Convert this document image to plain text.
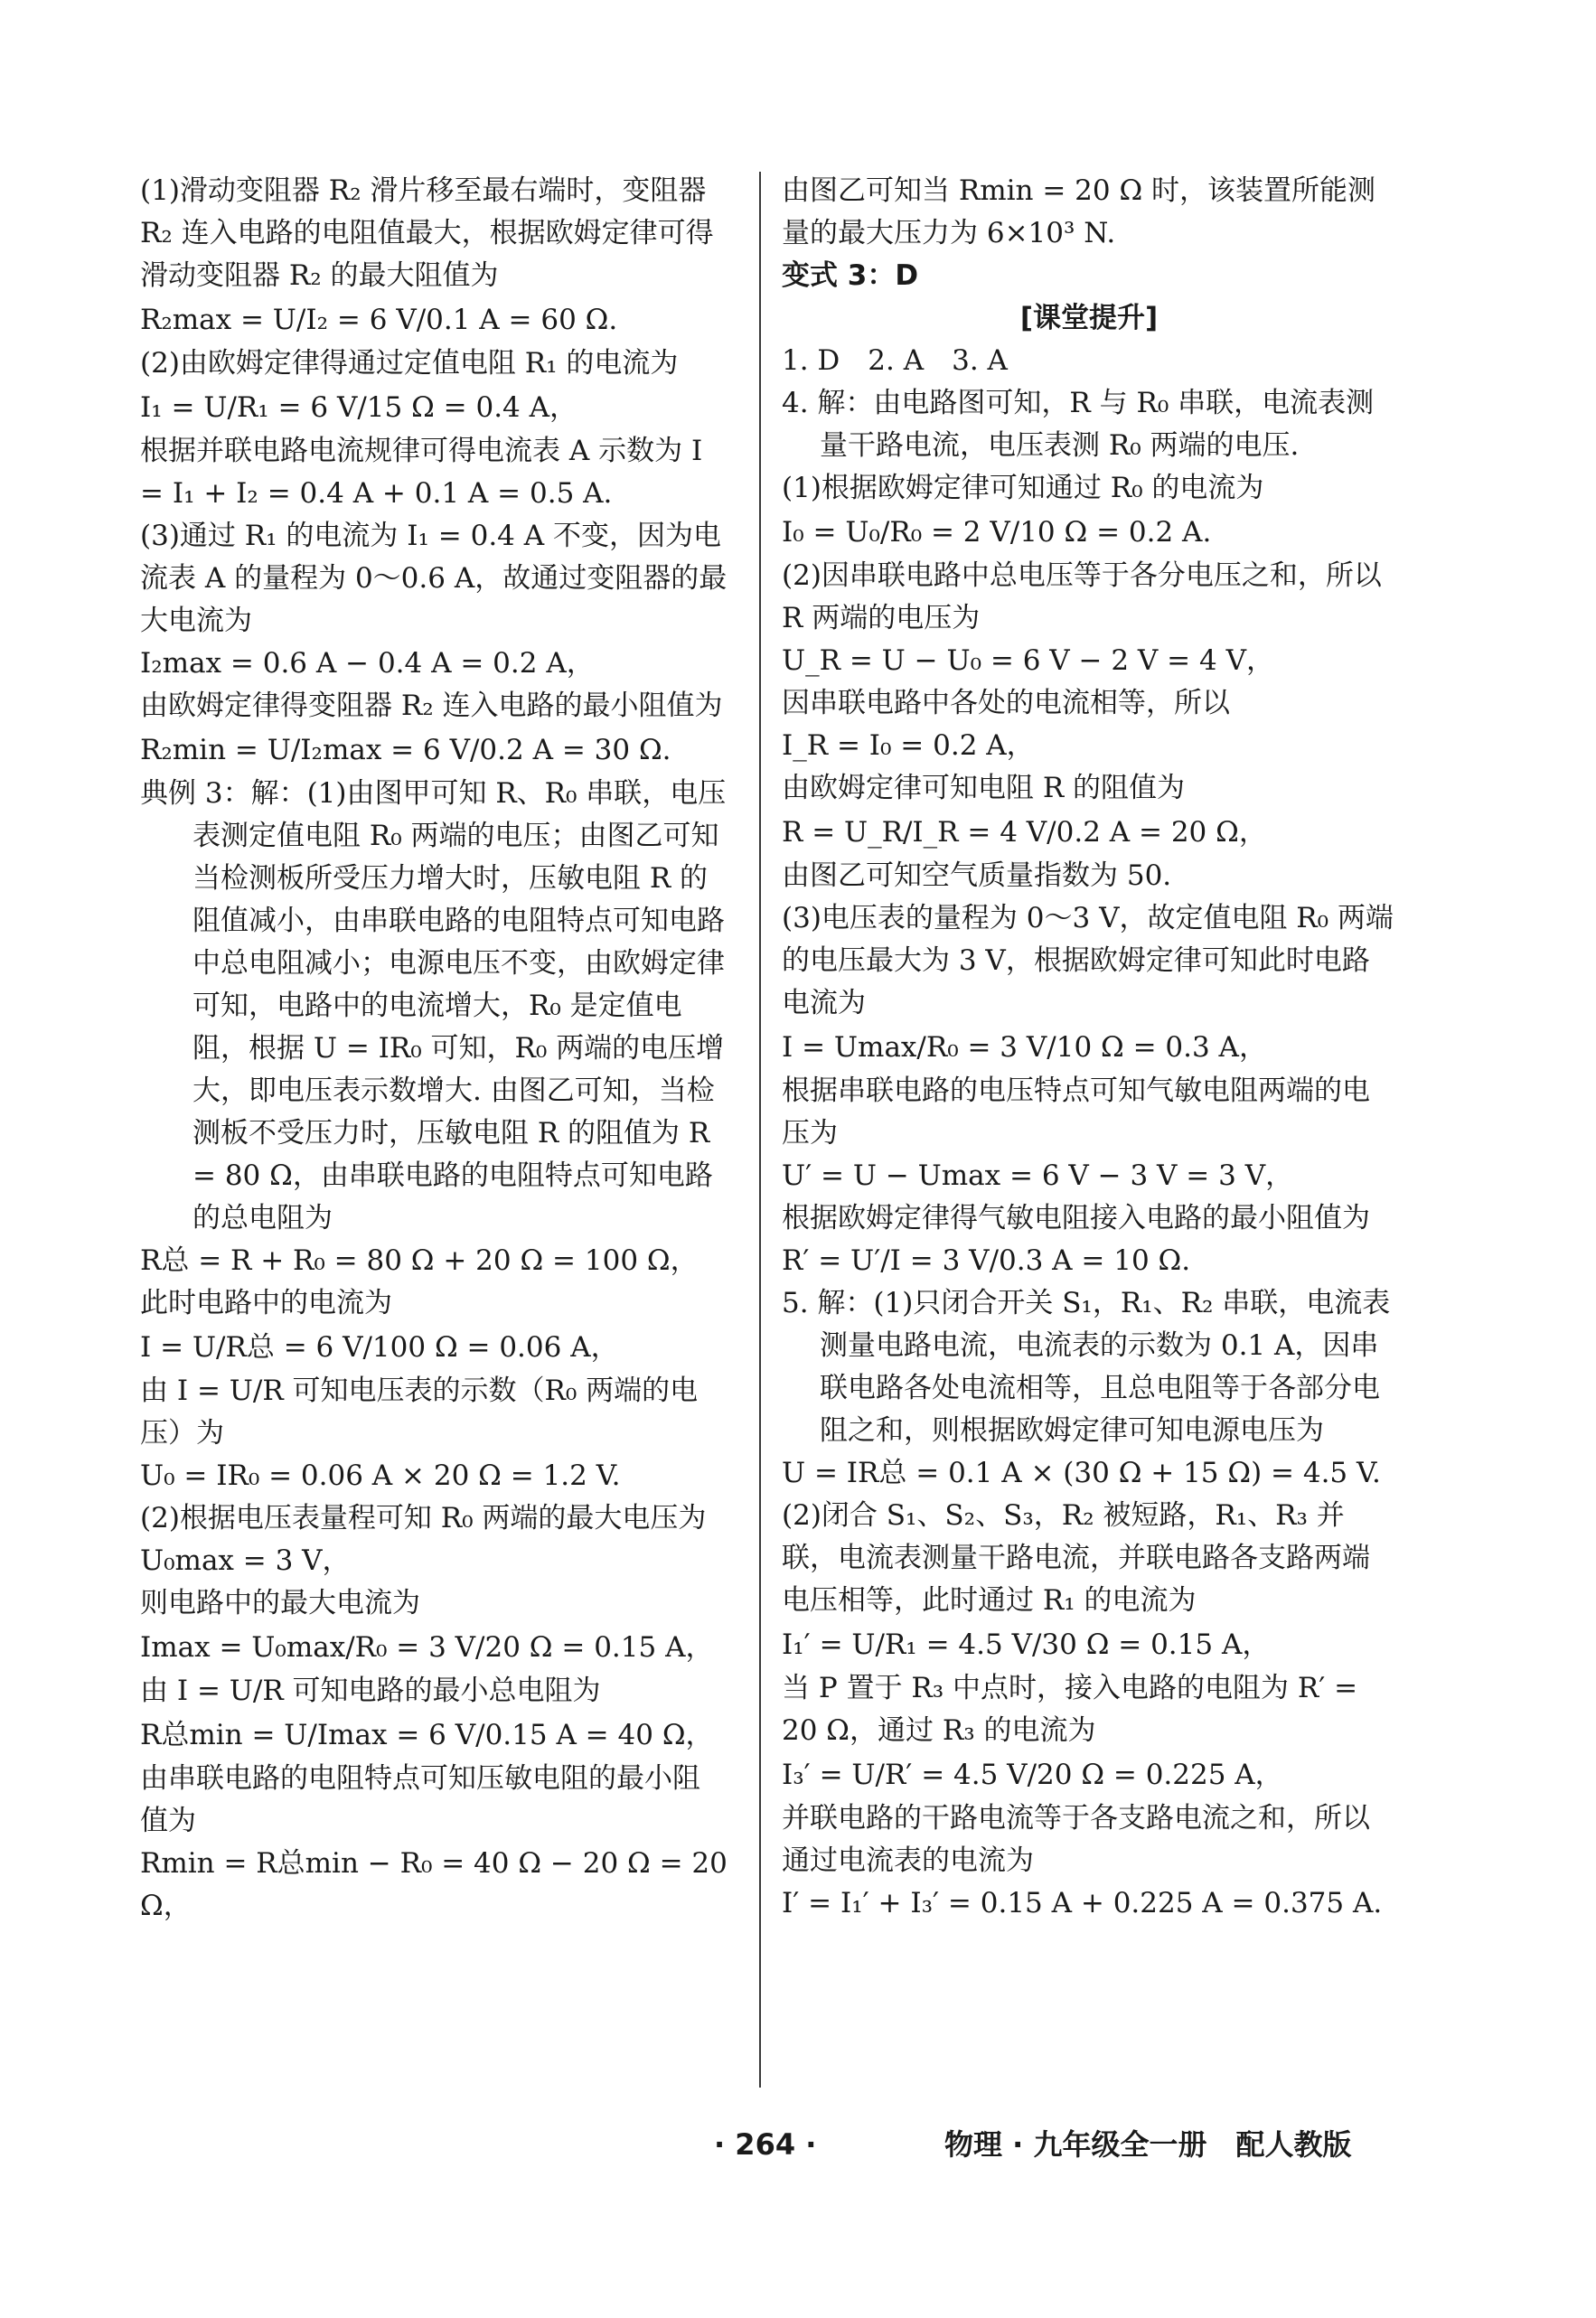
(1)滑动变阻器 R₂ 滑片移至最右端时，变阻器 R₂ 连入电路的电阻值最大，根据欧姆定律可得滑动变阻器 R₂ 的最大阻值为

R₂max = U/I₂ = 6 V/0.1 A = 60 Ω.

(2)由欧姆定律得通过定值电阻 R₁ 的电流为

I₁ = U/R₁ = 6 V/15 Ω = 0.4 A，

根据并联电路电流规律可得电流表 A 示数为 I = I₁ + I₂ = 0.4 A + 0.1 A = 0.5 A.

(3)通过 R₁ 的电流为 I₁ = 0.4 A 不变，因为电流表 A 的量程为 0～0.6 A，故通过变阻器的最大电流为

I₂max = 0.6 A − 0.4 A = 0.2 A，

由欧姆定律得变阻器 R₂ 连入电路的最小阻值为

R₂min = U/I₂max = 6 V/0.2 A = 30 Ω.

典例 3：解：(1)由图甲可知 R、R₀ 串联，电压表测定值电阻 R₀ 两端的电压；由图乙可知当检测板所受压力增大时，压敏电阻 R 的阻值减小，由串联电路的电阻特点可知电路中总电阻减小；电源电压不变，由欧姆定律可知，电路中的电流增大，R₀ 是定值电阻，根据 U = IR₀ 可知，R₀ 两端的电压增大，即电压表示数增大. 由图乙可知，当检测板不受压力时，压敏电阻 R 的阻值为 R = 80 Ω，由串联电路的电阻特点可知电路的总电阻为

R总 = R + R₀ = 80 Ω + 20 Ω = 100 Ω，

此时电路中的电流为

I = U/R总 = 6 V/100 Ω = 0.06 A，

由 I = U/R 可知电压表的示数（R₀ 两端的电压）为

U₀ = IR₀ = 0.06 A × 20 Ω = 1.2 V.

(2)根据电压表量程可知 R₀ 两端的最大电压为 U₀max = 3 V，

则电路中的最大电流为

Imax = U₀max/R₀ = 3 V/20 Ω = 0.15 A，

由 I = U/R 可知电路的最小总电阻为

R总min = U/Imax = 6 V/0.15 A = 40 Ω，

由串联电路的电阻特点可知压敏电阻的最小阻值为

Rmin = R总min − R₀ = 40 Ω − 20 Ω = 20 Ω，

由图乙可知当 Rmin = 20 Ω 时，该装置所能测量的最大压力为 6×10³ N.

变式 3：D

[课堂提升]

1. D　2. A　3. A

4. 解：由电路图可知，R 与 R₀ 串联，电流表测量干路电流，电压表测 R₀ 两端的电压.

(1)根据欧姆定律可知通过 R₀ 的电流为

I₀ = U₀/R₀ = 2 V/10 Ω = 0.2 A.

(2)因串联电路中总电压等于各分电压之和，所以 R 两端的电压为

U_R = U − U₀ = 6 V − 2 V = 4 V，

因串联电路中各处的电流相等，所以

I_R = I₀ = 0.2 A，

由欧姆定律可知电阻 R 的阻值为

R = U_R/I_R = 4 V/0.2 A = 20 Ω，

由图乙可知空气质量指数为 50.

(3)电压表的量程为 0～3 V，故定值电阻 R₀ 两端的电压最大为 3 V，根据欧姆定律可知此时电路电流为

I = Umax/R₀ = 3 V/10 Ω = 0.3 A，

根据串联电路的电压特点可知气敏电阻两端的电压为

U′ = U − Umax = 6 V − 3 V = 3 V，

根据欧姆定律得气敏电阻接入电路的最小阻值为 R′ = U′/I = 3 V/0.3 A = 10 Ω.

5. 解：(1)只闭合开关 S₁，R₁、R₂ 串联，电流表测量电路电流，电流表的示数为 0.1 A，因串联电路各处电流相等，且总电阻等于各部分电阻之和，则根据欧姆定律可知电源电压为

U = IR总 = 0.1 A × (30 Ω + 15 Ω) = 4.5 V.

(2)闭合 S₁、S₂、S₃，R₂ 被短路，R₁、R₃ 并联，电流表测量干路电流，并联电路各支路两端电压相等，此时通过 R₁ 的电流为

I₁′ = U/R₁ = 4.5 V/30 Ω = 0.15 A，

当 P 置于 R₃ 中点时，接入电路的电阻为 R′ = 20 Ω，通过 R₃ 的电流为

I₃′ = U/R′ = 4.5 V/20 Ω = 0.225 A，

并联电路的干路电流等于各支路电流之和，所以通过电流表的电流为

I′ = I₁′ + I₃′ = 0.15 A + 0.225 A = 0.375 A.

· 264 ·	物理 · 九年级全一册　配人教版
